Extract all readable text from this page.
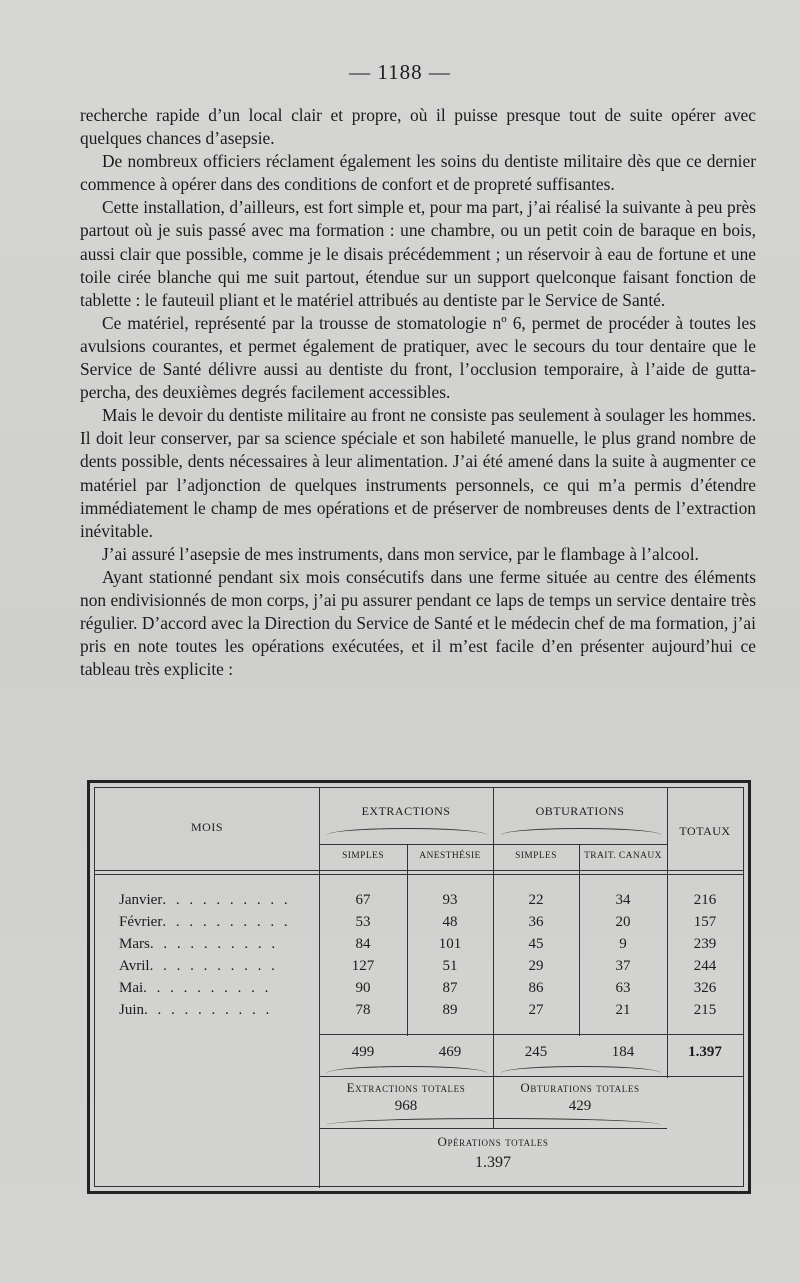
— 1188 —

recherche rapide d’un local clair et propre, où il puisse presque tout de suite opérer avec quelques chances d’asepsie.

De nombreux officiers réclament également les soins du dentiste militaire dès que ce dernier commence à opérer dans des conditions de confort et de propreté suffisantes.

Cette installation, d’ailleurs, est fort simple et, pour ma part, j’ai réalisé la suivante à peu près partout où je suis passé avec ma formation : une chambre, ou un petit coin de baraque en bois, aussi clair que possible, comme je le disais précédemment ; un réservoir à eau de fortune et une toile cirée blanche qui me suit partout, étendue sur un support quelconque faisant fonction de tablette : le fauteuil pliant et le matériel attribués au dentiste par le Service de Santé.

Ce matériel, représenté par la trousse de stomatologie nº 6, permet de procéder à toutes les avulsions courantes, et permet également de pratiquer, avec le secours du tour dentaire que le Service de Santé délivre aussi au dentiste du front, l’occlusion temporaire, à l’aide de gutta-percha, des deuxièmes degrés facilement accessibles.

Mais le devoir du dentiste militaire au front ne consiste pas seulement à soulager les hommes. Il doit leur conserver, par sa science spéciale et son habileté manuelle, le plus grand nombre de dents possible, dents nécessaires à leur alimentation. J’ai été amené dans la suite à augmenter ce matériel par l’adjonction de quelques instruments personnels, ce qui m’a permis d’étendre immédiatement le champ de mes opérations et de préserver de nombreuses dents de l’extraction inévitable.

J’ai assuré l’asepsie de mes instruments, dans mon service, par le flambage à l’alcool.

Ayant stationné pendant six mois consécutifs dans une ferme située au centre des éléments non endivisionnés de mon corps, j’ai pu assurer pendant ce laps de temps un service dentaire très régulier. D’accord avec la Direction du Service de Santé et le médecin chef de ma formation, j’ai pris en note toutes les opérations exécutées, et il m’est facile d’en présenter aujourd’hui ce tableau très explicite :

MOIS
EXTRACTIONS	OBTURATIONS
TOTAUX
SIMPLES	ANESTHÉSIE	SIMPLES	TRAIT. CANAUX
Janvier. . . . . . . . . .	67	93	22	34	216
Février. . . . . . . . . .	53	48	36	20	157
Mars. . . . . . . . . .	84	101	45	9	239
Avril. . . . . . . . . .	127	51	29	37	244
Mai. . . . . . . . . .	90	87	86	63	326
Juin. . . . . . . . . .	78	89	27	21	215
499	469	245	184	1.397
Extractions totales
968
Obturations totales
429
Opérations totales
1.397
